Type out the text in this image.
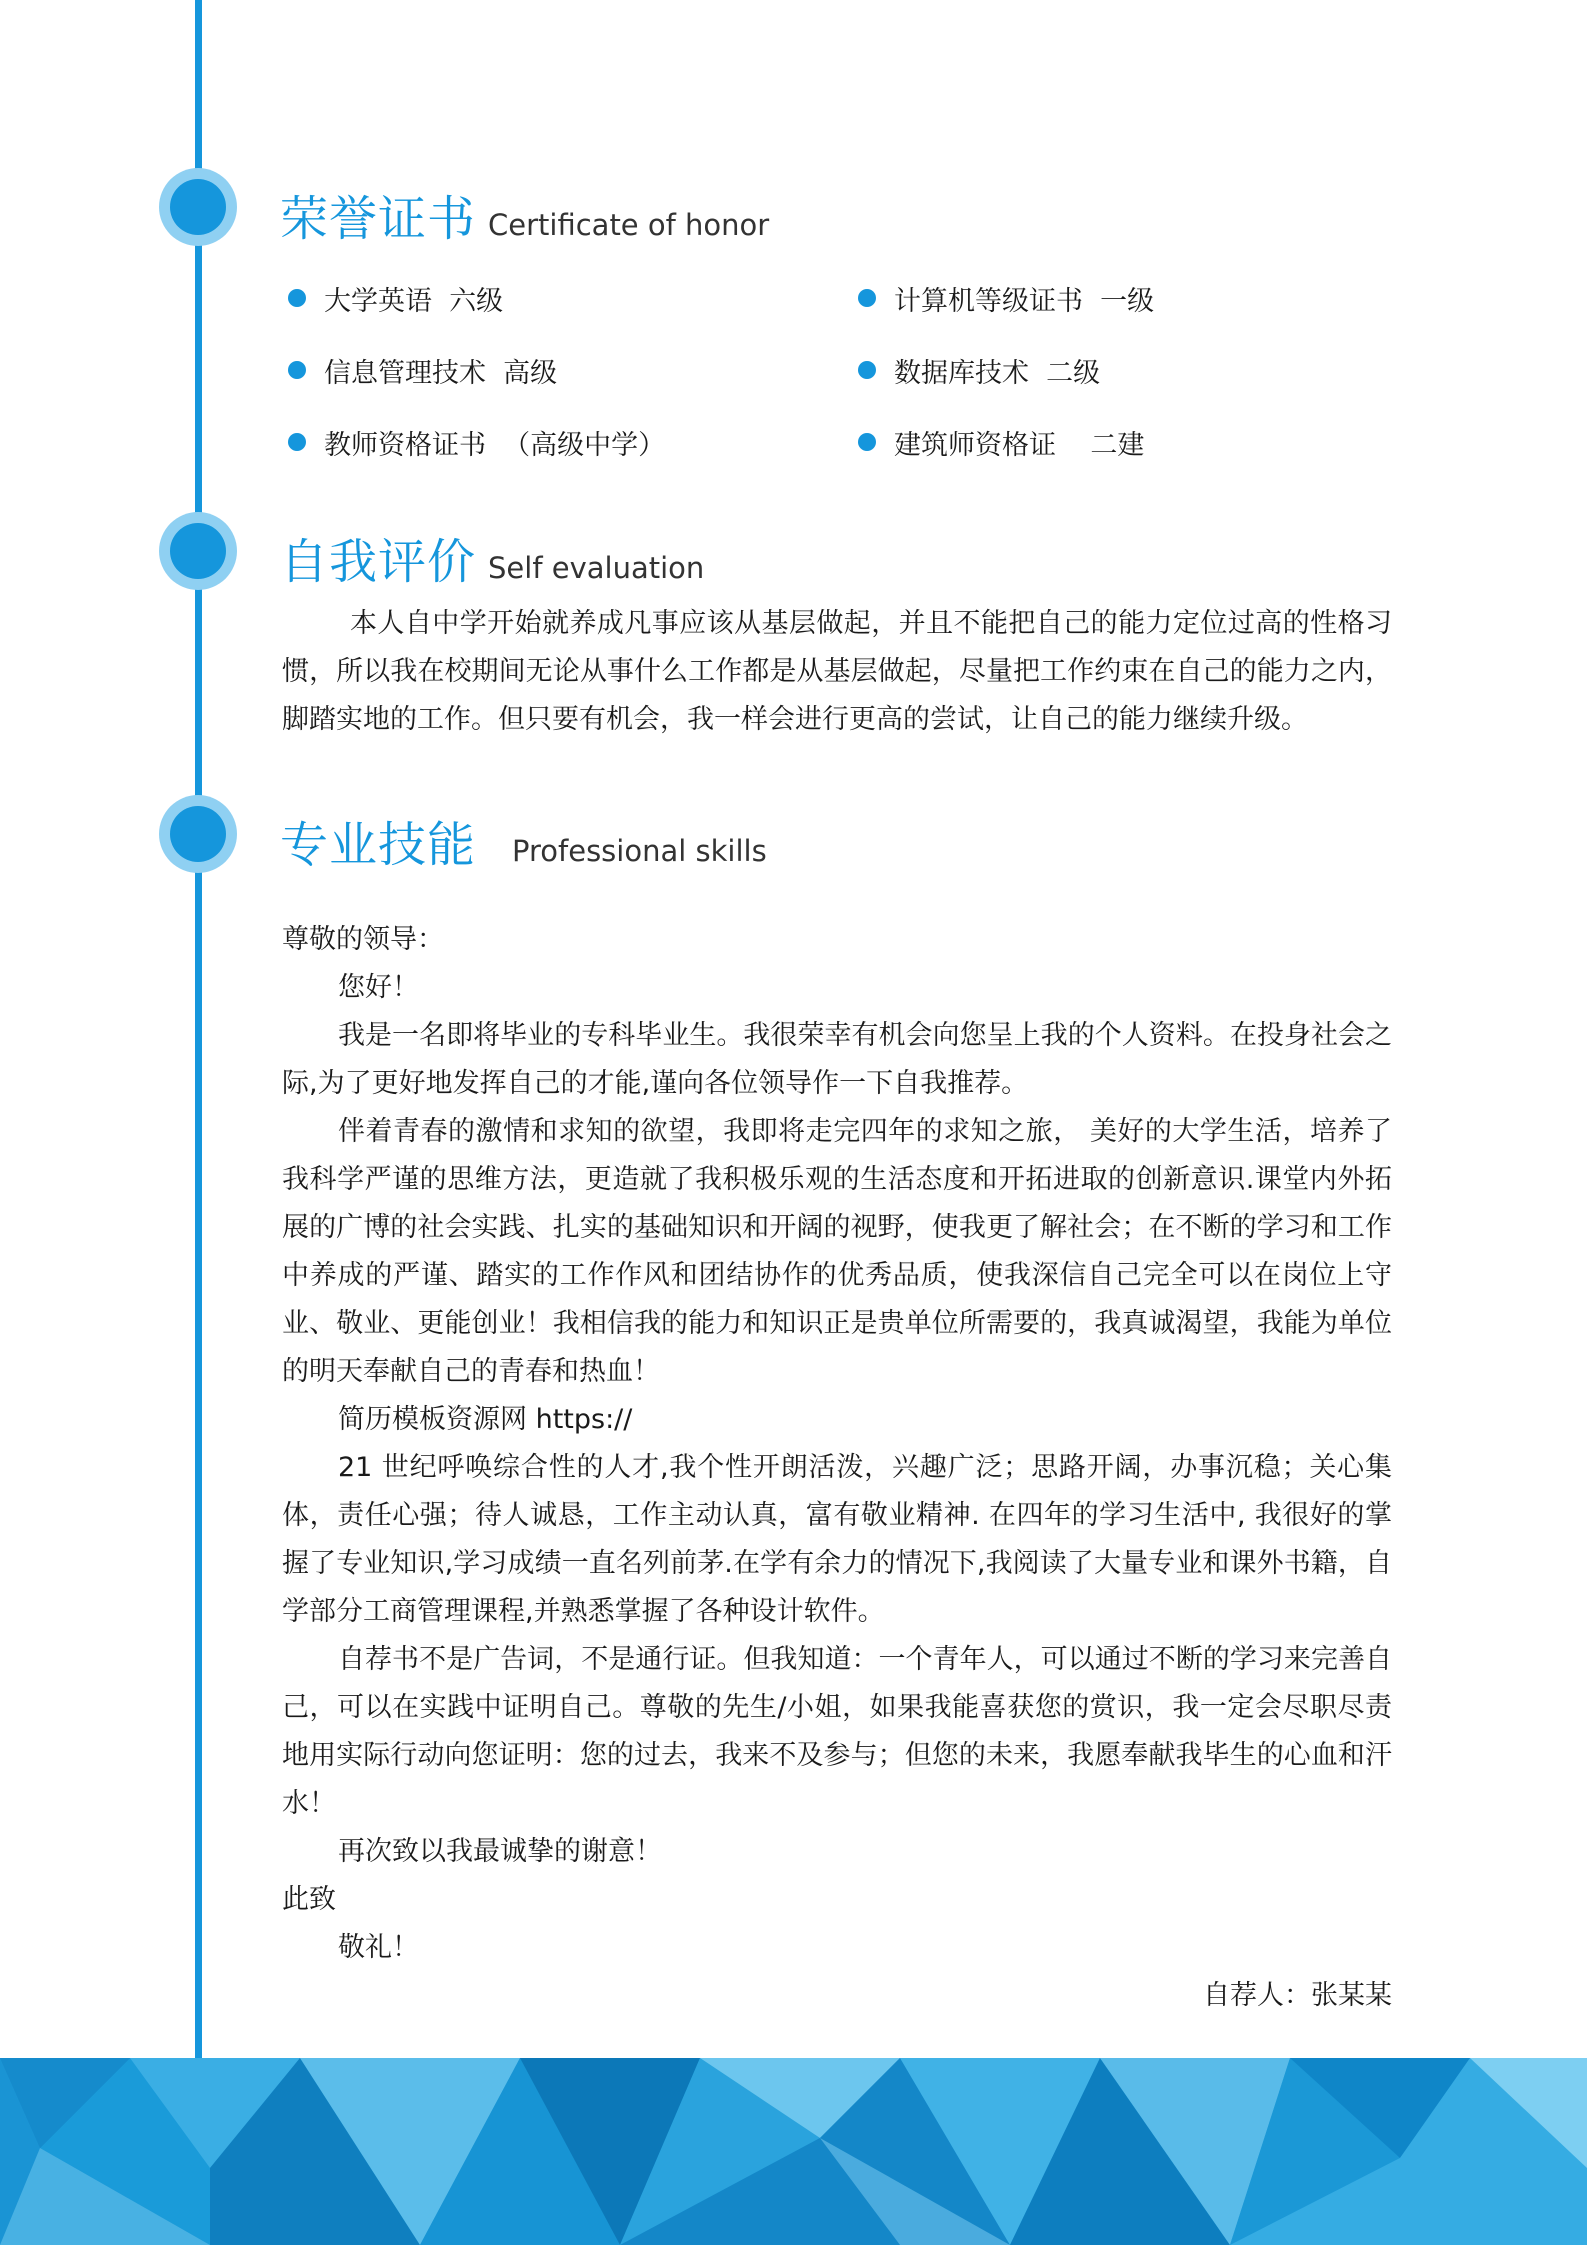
荣誉证书 Certificate of honor
大学英语  六级	计算机等级证书  一级
信息管理技术  高级	数据库技术  二级
教师资格证书  （高级中学）	建筑师资格证    二建
自我评价 Self evaluation

本人自中学开始就养成凡事应该从基层做起，并且不能把自己的能力定位过高的性格习惯，所以我在校期间无论从事什么工作都是从基层做起，尽量把工作约束在自己的能力之内，脚踏实地的工作。但只要有机会，我一样会进行更高的尝试，让自己的能力继续升级。

专业技能 Professional skills

尊敬的领导：

您好！

我是一名即将毕业的专科毕业生。我很荣幸有机会向您呈上我的个人资料。在投身社会之际,为了更好地发挥自己的才能,谨向各位领导作一下自我推荐。

伴着青春的激情和求知的欲望，我即将走完四年的求知之旅， 美好的大学生活，培养了我科学严谨的思维方法，更造就了我积极乐观的生活态度和开拓进取的创新意识.课堂内外拓展的广博的社会实践、扎实的基础知识和开阔的视野，使我更了解社会；在不断的学习和工作中养成的严谨、踏实的工作作风和团结协作的优秀品质，使我深信自己完全可以在岗位上守业、敬业、更能创业！我相信我的能力和知识正是贵单位所需要的，我真诚渴望，我能为单位的明天奉献自己的青春和热血！

简历模板资源网 https://

21 世纪呼唤综合性的人才,我个性开朗活泼，兴趣广泛；思路开阔，办事沉稳；关心集体，责任心强；待人诚恳，工作主动认真，富有敬业精神. 在四年的学习生活中, 我很好的掌握了专业知识,学习成绩一直名列前茅.在学有余力的情况下,我阅读了大量专业和课外书籍，自学部分工商管理课程,并熟悉掌握了各种设计软件。

自荐书不是广告词，不是通行证。但我知道：一个青年人，可以通过不断的学习来完善自己，可以在实践中证明自己。尊敬的先生/小姐，如果我能喜获您的赏识，我一定会尽职尽责地用实际行动向您证明：您的过去，我来不及参与；但您的未来，我愿奉献我毕生的心血和汗水！

再次致以我最诚挚的谢意！

此致

敬礼！

自荐人：张某某
